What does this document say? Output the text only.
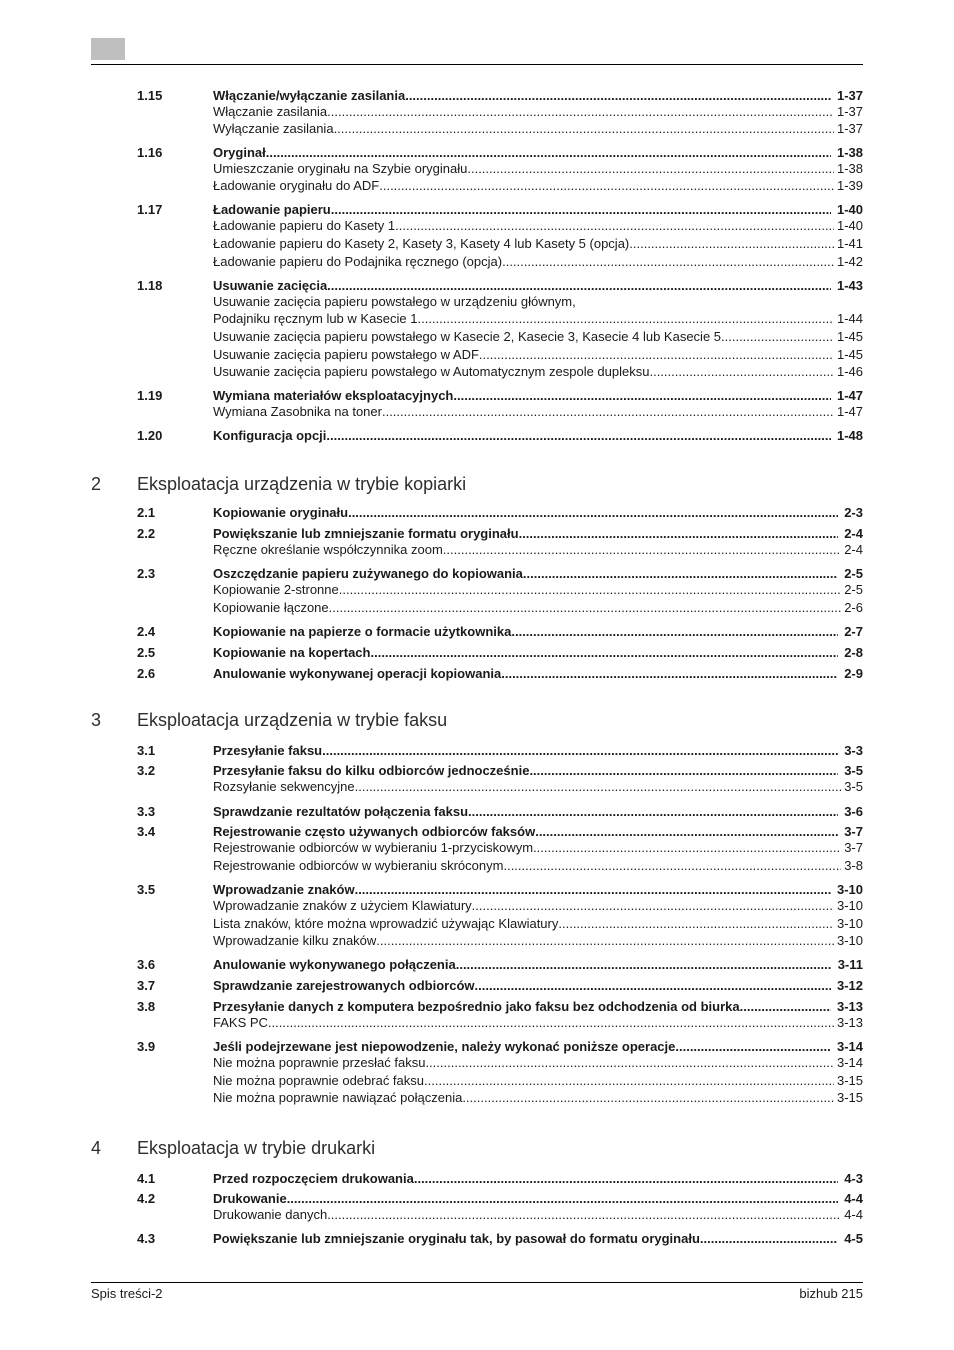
1.15	Włączanie/wyłączanie zasilania .....	1-37
Włączanie zasilania .....	1-37
Wyłączanie zasilania .....	1-37
1.16	Oryginał .....	1-38
Umieszczanie oryginału na Szybie oryginału .....	1-38
Ładowanie oryginału do ADF .....	1-39
1.17	Ładowanie papieru .....	1-40
Ładowanie papieru do Kasety 1 .....	1-40
Ładowanie papieru do Kasety 2, Kasety 3, Kasety 4 lub Kasety 5 (opcja) .....	1-41
Ładowanie papieru do Podajnika ręcznego (opcja) .....	1-42
1.18	Usuwanie zacięcia .....	1-43
Usuwanie zacięcia papieru powstałego w urządzeniu głównym,
Podajniku ręcznym lub w Kasecie 1 .....	1-44
Usuwanie zacięcia papieru powstałego w Kasecie 2, Kasecie 3, Kasecie 4 lub Kasecie 5 .....	1-45
Usuwanie zacięcia papieru powstałego w ADF .....	1-45
Usuwanie zacięcia papieru powstałego w Automatycznym zespole dupleksu .....	1-46
1.19	Wymiana materiałów eksploatacyjnych .....	1-47
Wymiana Zasobnika na toner .....	1-47
1.20	Konfiguracja opcji .....	1-48
2 Eksploatacja urządzenia w trybie kopiarki
2.1	Kopiowanie oryginału .....	2-3
2.2	Powiększanie lub zmniejszanie formatu oryginału .....	2-4
Ręczne określanie współczynnika zoom .....	2-4
2.3	Oszczędzanie papieru zużywanego do kopiowania .....	2-5
Kopiowanie 2-stronne .....	2-5
Kopiowanie łączone .....	2-6
2.4	Kopiowanie na papierze o formacie użytkownika .....	2-7
2.5	Kopiowanie na kopertach .....	2-8
2.6	Anulowanie wykonywanej operacji kopiowania .....	2-9
3 Eksploatacja urządzenia w trybie faksu
3.1	Przesyłanie faksu .....	3-3
3.2	Przesyłanie faksu do kilku odbiorców jednocześnie .....	3-5
Rozsyłanie sekwencyjne .....	3-5
3.3	Sprawdzanie rezultatów połączenia faksu .....	3-6
3.4	Rejestrowanie często używanych odbiorców faksów .....	3-7
Rejestrowanie odbiorców w wybieraniu 1-przyciskowym .....	3-7
Rejestrowanie odbiorców w wybieraniu skróconym .....	3-8
3.5	Wprowadzanie znaków .....	3-10
Wprowadzanie znaków z użyciem Klawiatury .....	3-10
Lista znaków, które można wprowadzić używając Klawiatury .....	3-10
Wprowadzanie kilku znaków .....	3-10
3.6	Anulowanie wykonywanego połączenia .....	3-11
3.7	Sprawdzanie zarejestrowanych odbiorców .....	3-12
3.8	Przesyłanie danych z komputera bezpośrednio jako faksu bez odchodzenia od biurka .....	3-13
FAKS PC .....	3-13
3.9	Jeśli podejrzewane jest niepowodzenie, należy wykonać poniższe operacje .....	3-14
Nie można poprawnie przesłać faksu .....	3-14
Nie można poprawnie odebrać faksu .....	3-15
Nie można poprawnie nawiązać połączenia .....	3-15
4 Eksploatacja w trybie drukarki
4.1	Przed rozpoczęciem drukowania .....	4-3
4.2	Drukowanie .....	4-4
Drukowanie danych .....	4-4
4.3	Powiększanie lub zmniejszanie oryginału tak, by pasował do formatu oryginału .....	4-5
Spis treści-2	bizhub 215
